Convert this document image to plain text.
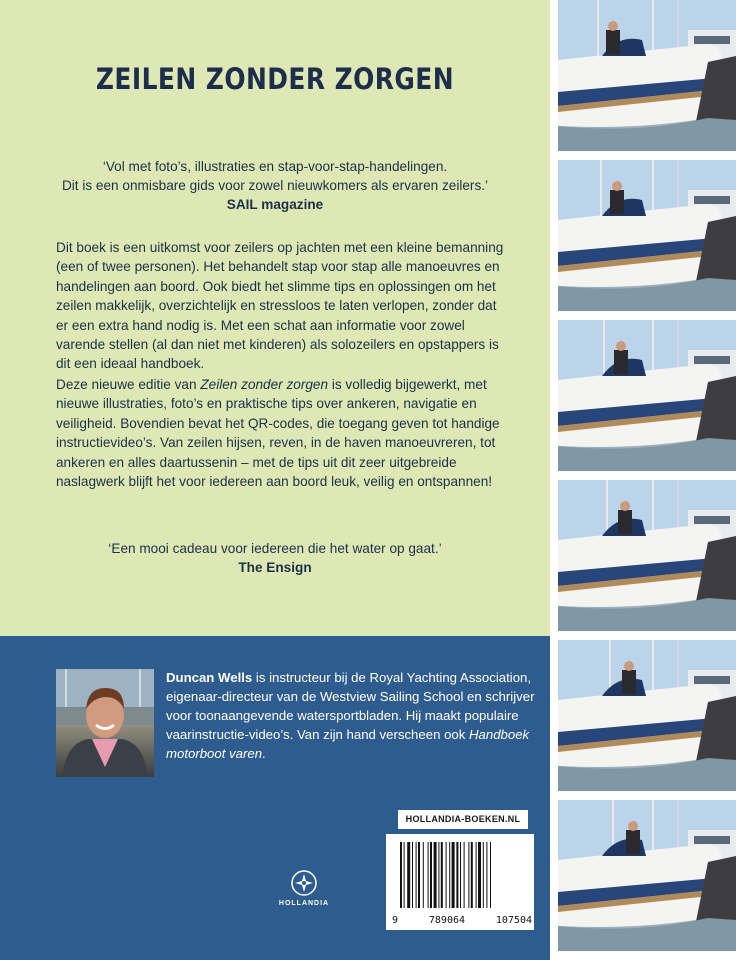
ZEILEN ZONDER ZORGEN
‘Vol met foto’s, illustraties en stap-voor-stap-handelingen.
Dit is een onmisbare gids voor zowel nieuwkomers als ervaren zeilers.’
SAIL magazine

Dit boek is een uitkomst voor zeilers op jachten met een kleine bemanning (een of twee personen). Het behandelt stap voor stap alle manoeuvres en handelingen aan boord. Ook biedt het slimme tips en oplossingen om het zeilen makkelijk, overzichtelijk en stressloos te laten verlopen, zonder dat er een extra hand nodig is. Met een schat aan informatie voor zowel varende stellen (al dan niet met kinderen) als solozeilers en opstappers is dit een ideaal handboek.

Deze nieuwe editie van Zeilen zonder zorgen is volledig bijgewerkt, met nieuwe illustraties, foto’s en praktische tips over ankeren, navigatie en veiligheid. Bovendien bevat het QR-codes, die toegang geven tot handige instructievideo’s. Van zeilen hijsen, reven, in de haven manoeuvreren, tot ankeren en alles daartussenin – met de tips uit dit zeer uitgebreide naslagwerk blijft het voor iedereen aan boord leuk, veilig en ontspannen!

‘Een mooi cadeau voor iedereen die het water op gaat.’
The Ensign

Duncan Wells is instructeur bij de Royal Yachting Association, eigenaar-directeur van de Westview Sailing School en schrijver voor toonaangevende watersportbladen. Hij maakt populaire vaarinstructie-video’s. Van zijn hand verscheen ook Handboek motorboot varen.

HOLLANDIA
HOLLANDIA-BOEKEN.NL
9	789064	107504
